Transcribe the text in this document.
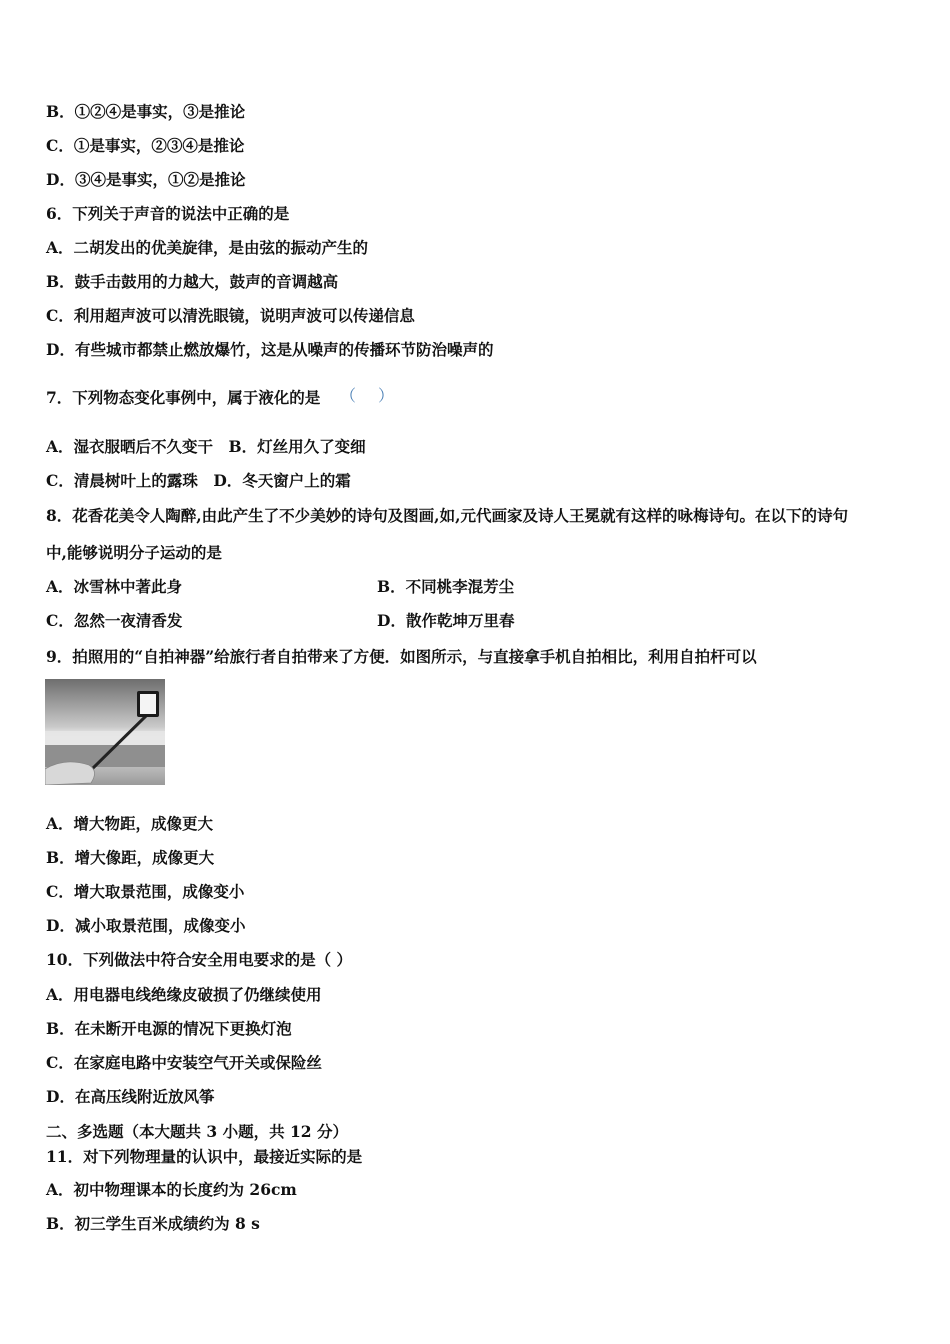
B．①②④是事实，③是推论
C．①是事实，②③④是推论
D．③④是事实，①②是推论
6．下列关于声音的说法中正确的是
A．二胡发出的优美旋律，是由弦的振动产生的
B．鼓手击鼓用的力越大，鼓声的音调越高
C．利用超声波可以清洗眼镜，说明声波可以传递信息
D．有些城市都禁止燃放爆竹，这是从噪声的传播环节防治噪声的
7．下列物态变化事例中，属于液化的是 （ ）
A．湿衣服晒后不久变干　B．灯丝用久了变细
C．清晨树叶上的露珠　D．冬天窗户上的霜
8．花香花美令人陶醉,由此产生了不少美妙的诗句及图画,如,元代画家及诗人王冕就有这样的咏梅诗句。在以下的诗句
中,能够说明分子运动的是
A．冰雪林中著此身	B．不同桃李混芳尘
C．忽然一夜清香发	D．散作乾坤万里春
9．拍照用的“自拍神器”给旅行者自拍带来了方便．如图所示，与直接拿手机自拍相比，利用自拍杆可以
A．增大物距，成像更大
B．增大像距，成像更大
C．增大取景范围，成像变小
D．减小取景范围，成像变小
10．下列做法中符合安全用电要求的是（ ）
A．用电器电线绝缘皮破损了仍继续使用
B．在未断开电源的情况下更换灯泡
C．在家庭电路中安装空气开关或保险丝
D．在高压线附近放风筝
二、多选题（本大题共 3 小题，共 12 分）
11．对下列物理量的认识中，最接近实际的是
A．初中物理课本的长度约为 26cm
B．初三学生百米成绩约为 8 s
